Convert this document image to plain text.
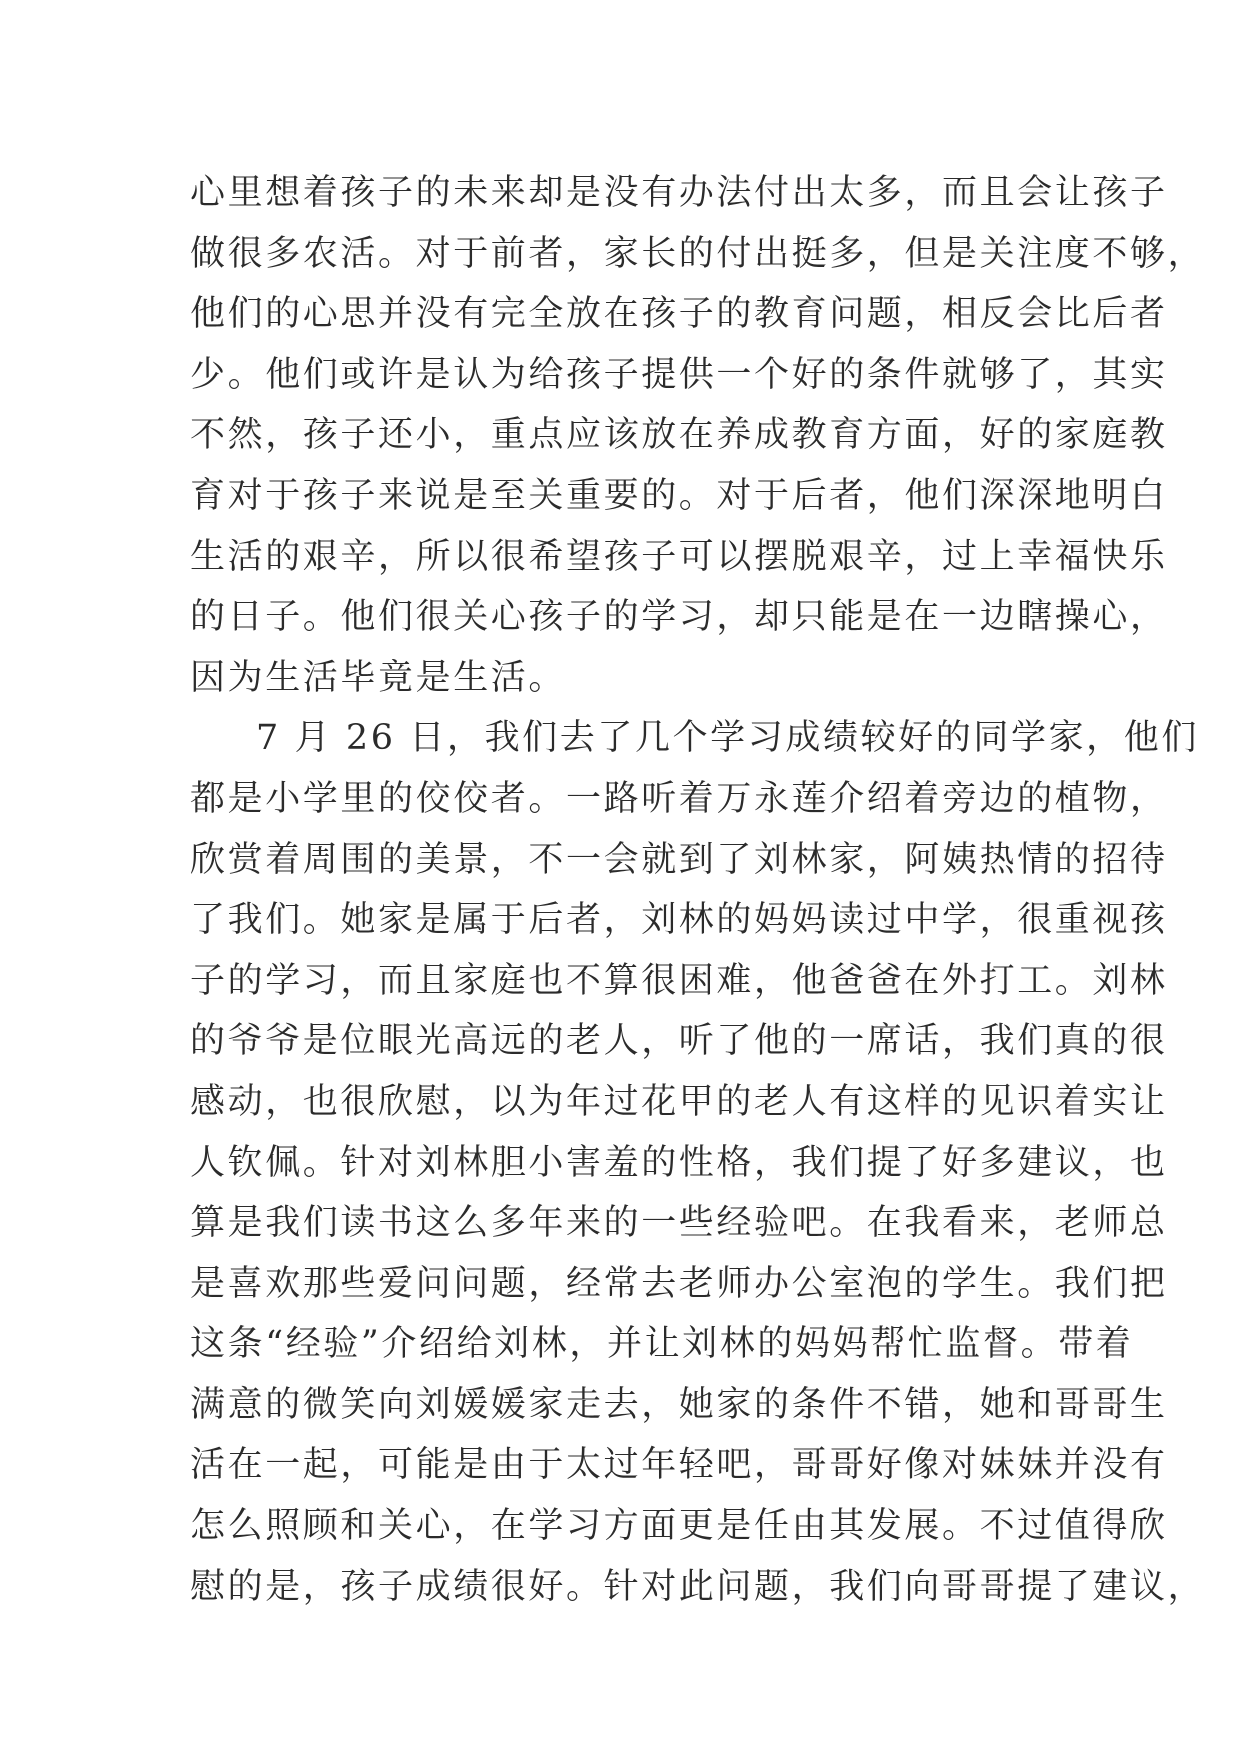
心里想着孩子的未来却是没有办法付出太多，而且会让孩子
做很多农活。对于前者，家长的付出挺多，但是关注度不够，
他们的心思并没有完全放在孩子的教育问题，相反会比后者
少。他们或许是认为给孩子提供一个好的条件就够了，其实
不然，孩子还小，重点应该放在养成教育方面，好的家庭教
育对于孩子来说是至关重要的。对于后者，他们深深地明白
生活的艰辛，所以很希望孩子可以摆脱艰辛，过上幸福快乐
的日子。他们很关心孩子的学习，却只能是在一边瞎操心，
因为生活毕竟是生活。
7 月 26 日，我们去了几个学习成绩较好的同学家，他们
都是小学里的佼佼者。一路听着万永莲介绍着旁边的植物，
欣赏着周围的美景，不一会就到了刘林家，阿姨热情的招待
了我们。她家是属于后者，刘林的妈妈读过中学，很重视孩
子的学习，而且家庭也不算很困难，他爸爸在外打工。刘林
的爷爷是位眼光高远的老人，听了他的一席话，我们真的很
感动，也很欣慰，以为年过花甲的老人有这样的见识着实让
人钦佩。针对刘林胆小害羞的性格，我们提了好多建议，也
算是我们读书这么多年来的一些经验吧。在我看来，老师总
是喜欢那些爱问问题，经常去老师办公室泡的学生。我们把
这条“经验”介绍给刘林，并让刘林的妈妈帮忙监督。带着
满意的微笑向刘媛媛家走去，她家的条件不错，她和哥哥生
活在一起，可能是由于太过年轻吧，哥哥好像对妹妹并没有
怎么照顾和关心，在学习方面更是任由其发展。不过值得欣
慰的是，孩子成绩很好。针对此问题，我们向哥哥提了建议，
